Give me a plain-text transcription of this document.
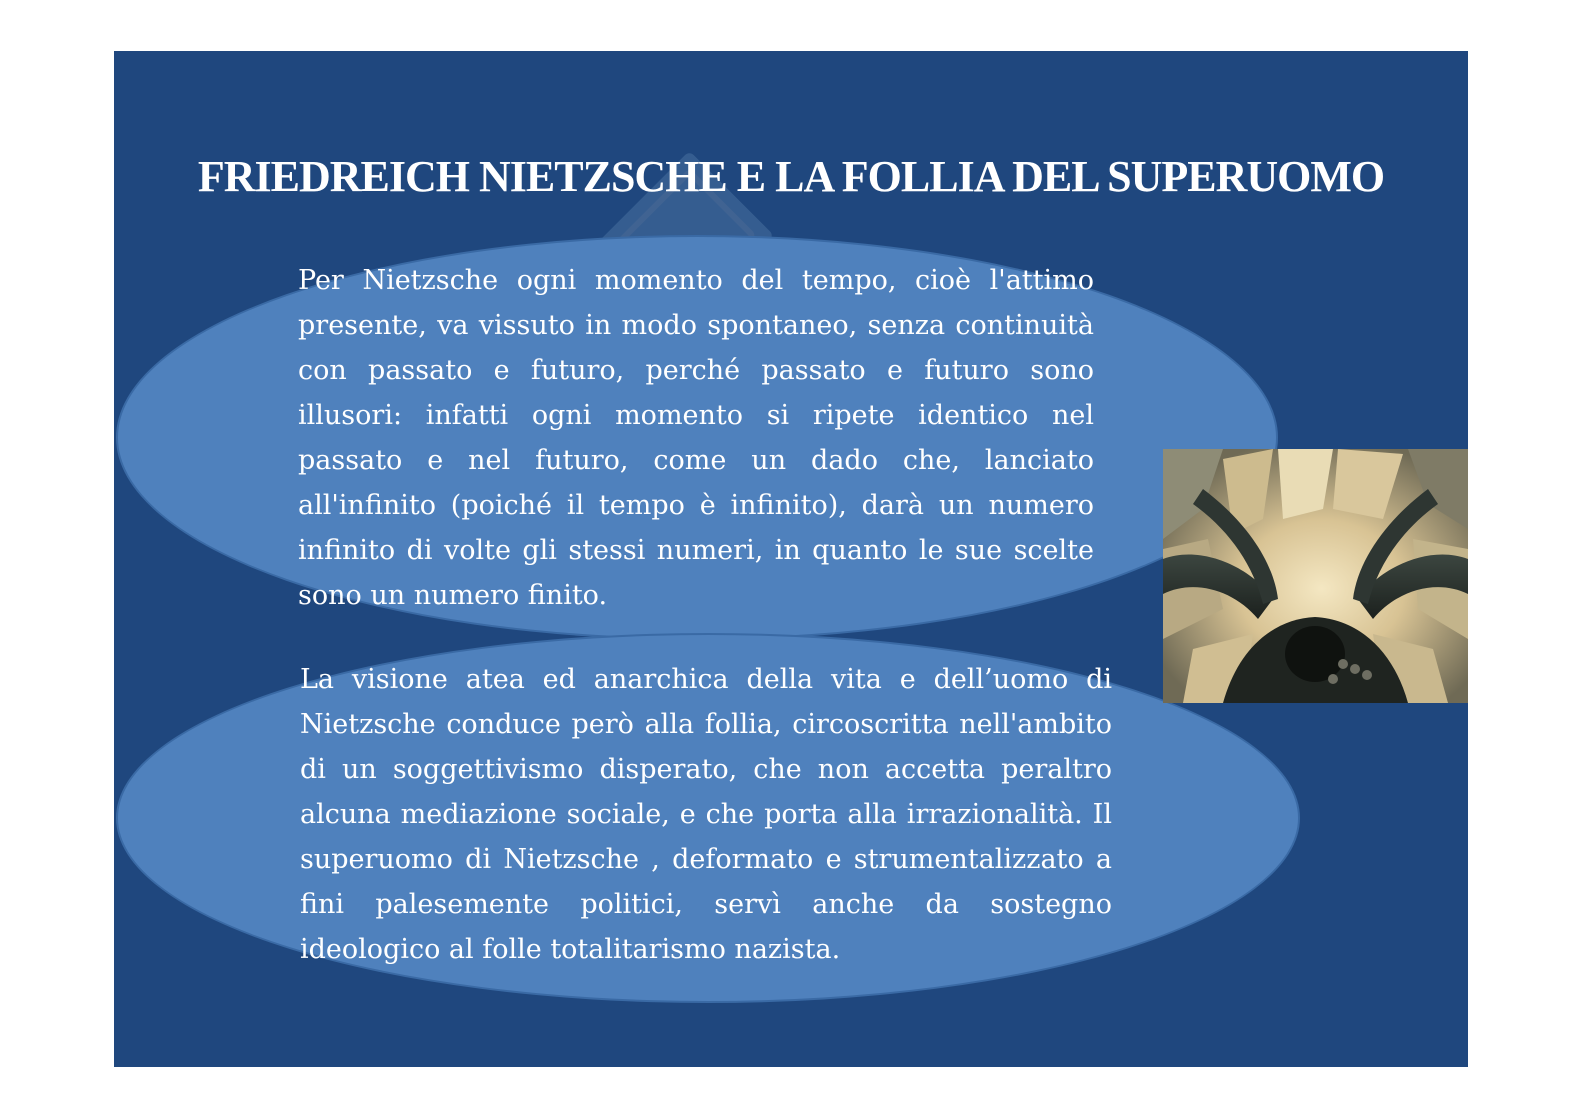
FRIEDREICH NIETZSCHE E LA FOLLIA DEL SUPERUOMO

Per Nietzsche ogni momento del tempo, cioè l'attimo presente, va vissuto in modo spontaneo, senza continuità con passato e futuro, perché passato e futuro sono illusori: infatti ogni momento si ripete identico nel passato e nel futuro, come un dado che, lanciato all'infinito (poiché il tempo è infinito), darà un numero infinito di volte gli stessi numeri, in quanto le sue scelte sono un numero finito.

La visione atea ed anarchica della vita e dell’uomo di Nietzsche conduce però alla follia, circoscritta nell'ambito di un soggettivismo disperato, che non accetta peraltro alcuna mediazione sociale, e che porta alla irrazionalità. Il superuomo di Nietzsche , deformato e strumentalizzato a fini palesemente politici, servì anche da sostegno ideologico al folle totalitarismo nazista.
